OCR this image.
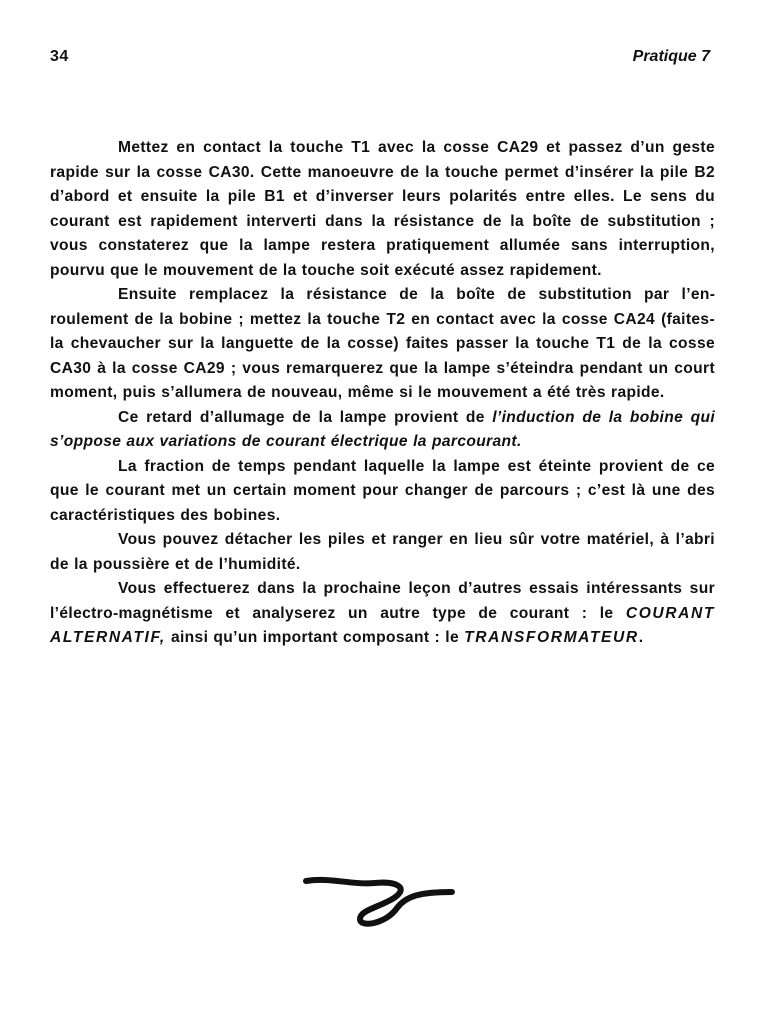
34	Pratique 7

Mettez en contact la touche T1 avec la cosse CA29 et passez d’un geste rapide sur la cosse CA30. Cette manoeuvre de la touche permet d’insérer la pile B2 d’abord et ensuite la pile B1 et d’inverser leurs polarités entre elles. Le sens du courant est rapidement interverti dans la résistance de la boîte de substitution ; vous constaterez que la lampe restera pratiquement allumée sans interruption, pourvu que le mouvement de la touche soit exécuté assez rapidement.

Ensuite remplacez la résistance de la boîte de substitution par l’enroulement de la bobine ; mettez la touche T2 en contact avec la cosse CA24 (faites-la chevaucher sur la languette de la cosse) faites passer la touche T1 de la cosse CA30 à la cosse CA29 ; vous remarquerez que la lampe s’éteindra pendant un court moment, puis s’allumera de nouveau, même si le mouvement a été très rapide.

Ce retard d’allumage de la lampe provient de l’induction de la bobine qui s’oppose aux variations de courant électrique la parcourant.

La fraction de temps pendant laquelle la lampe est éteinte provient de ce que le courant met un certain moment pour changer de parcours ; c’est là une des caractéristiques des bobines.

Vous pouvez détacher les piles et ranger en lieu sûr votre matériel, à l’abri de la poussière et de l’humidité.

Vous effectuerez dans la prochaine leçon d’autres essais intéressants sur l’électro-magnétisme et analyserez un autre type de courant : le COURANT ALTERNATIF, ainsi qu’un important composant : le TRANSFORMATEUR.
